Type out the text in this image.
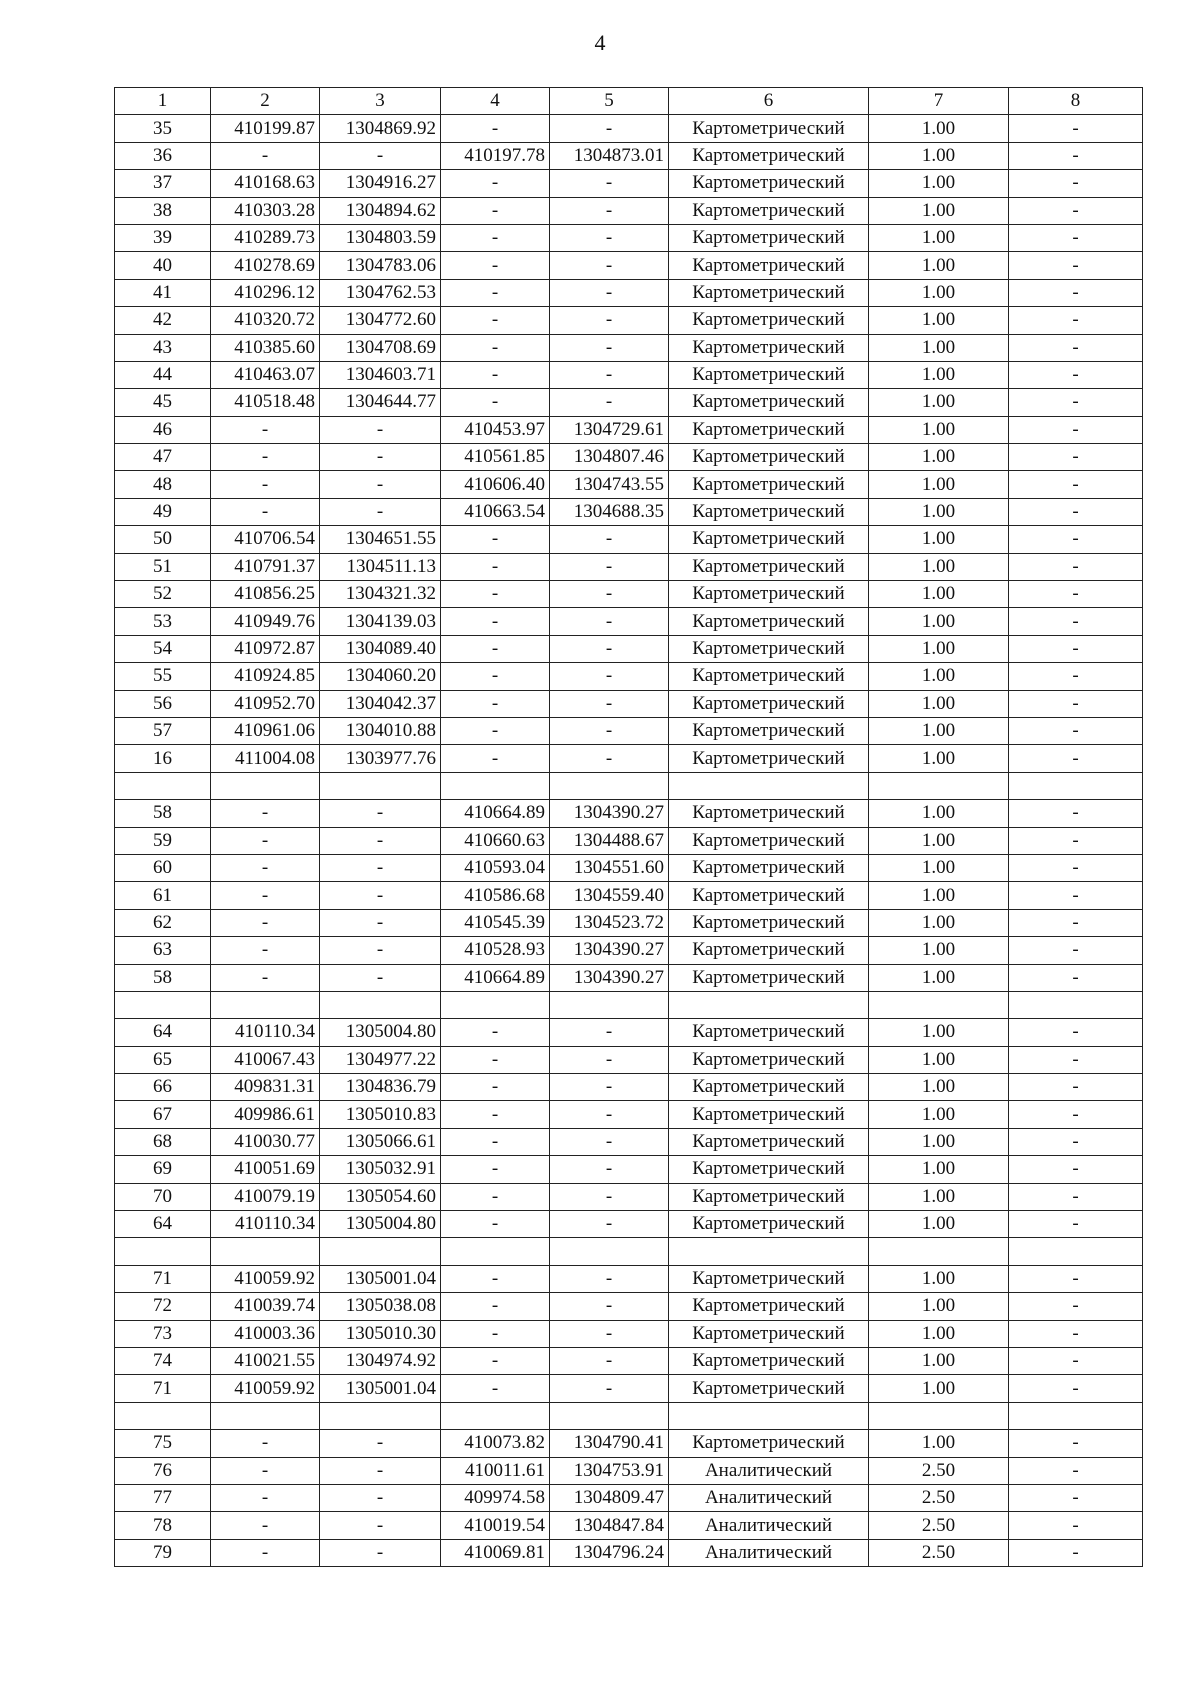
4
1	2	3	4	5	6	7	8
35	410199.87	1304869.92	-	-	Картометрический	1.00	-
36	-	-	410197.78	1304873.01	Картометрический	1.00	-
37	410168.63	1304916.27	-	-	Картометрический	1.00	-
38	410303.28	1304894.62	-	-	Картометрический	1.00	-
39	410289.73	1304803.59	-	-	Картометрический	1.00	-
40	410278.69	1304783.06	-	-	Картометрический	1.00	-
41	410296.12	1304762.53	-	-	Картометрический	1.00	-
42	410320.72	1304772.60	-	-	Картометрический	1.00	-
43	410385.60	1304708.69	-	-	Картометрический	1.00	-
44	410463.07	1304603.71	-	-	Картометрический	1.00	-
45	410518.48	1304644.77	-	-	Картометрический	1.00	-
46	-	-	410453.97	1304729.61	Картометрический	1.00	-
47	-	-	410561.85	1304807.46	Картометрический	1.00	-
48	-	-	410606.40	1304743.55	Картометрический	1.00	-
49	-	-	410663.54	1304688.35	Картометрический	1.00	-
50	410706.54	1304651.55	-	-	Картометрический	1.00	-
51	410791.37	1304511.13	-	-	Картометрический	1.00	-
52	410856.25	1304321.32	-	-	Картометрический	1.00	-
53	410949.76	1304139.03	-	-	Картометрический	1.00	-
54	410972.87	1304089.40	-	-	Картометрический	1.00	-
55	410924.85	1304060.20	-	-	Картометрический	1.00	-
56	410952.70	1304042.37	-	-	Картометрический	1.00	-
57	410961.06	1304010.88	-	-	Картометрический	1.00	-
16	411004.08	1303977.76	-	-	Картометрический	1.00	-

58	-	-	410664.89	1304390.27	Картометрический	1.00	-
59	-	-	410660.63	1304488.67	Картометрический	1.00	-
60	-	-	410593.04	1304551.60	Картометрический	1.00	-
61	-	-	410586.68	1304559.40	Картометрический	1.00	-
62	-	-	410545.39	1304523.72	Картометрический	1.00	-
63	-	-	410528.93	1304390.27	Картометрический	1.00	-
58	-	-	410664.89	1304390.27	Картометрический	1.00	-

64	410110.34	1305004.80	-	-	Картометрический	1.00	-
65	410067.43	1304977.22	-	-	Картометрический	1.00	-
66	409831.31	1304836.79	-	-	Картометрический	1.00	-
67	409986.61	1305010.83	-	-	Картометрический	1.00	-
68	410030.77	1305066.61	-	-	Картометрический	1.00	-
69	410051.69	1305032.91	-	-	Картометрический	1.00	-
70	410079.19	1305054.60	-	-	Картометрический	1.00	-
64	410110.34	1305004.80	-	-	Картометрический	1.00	-

71	410059.92	1305001.04	-	-	Картометрический	1.00	-
72	410039.74	1305038.08	-	-	Картометрический	1.00	-
73	410003.36	1305010.30	-	-	Картометрический	1.00	-
74	410021.55	1304974.92	-	-	Картометрический	1.00	-
71	410059.92	1305001.04	-	-	Картометрический	1.00	-

75	-	-	410073.82	1304790.41	Картометрический	1.00	-
76	-	-	410011.61	1304753.91	Аналитический	2.50	-
77	-	-	409974.58	1304809.47	Аналитический	2.50	-
78	-	-	410019.54	1304847.84	Аналитический	2.50	-
79	-	-	410069.81	1304796.24	Аналитический	2.50	-
